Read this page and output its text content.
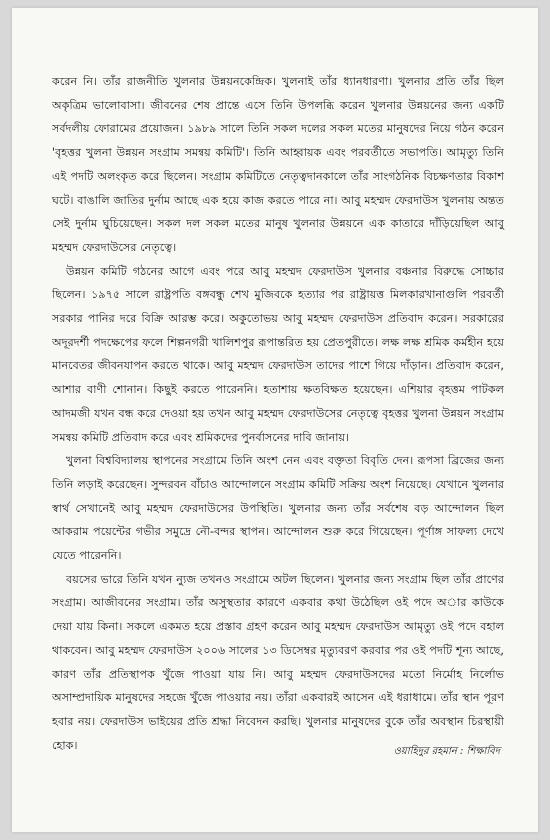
করেন নি। তাঁর রাজনীতি খুলনার উন্নয়নকেন্দ্রিক। খুলনাই তাঁর ধ্যানধারণা। খুলনার প্রতি তাঁর ছিল অকৃত্রিম ভালোবাসা। জীবনের শেষ প্রান্তে এসে তিনি উপলব্ধি করেন খুলনার উন্নয়নের জন্য একটি সর্বদলীয় ফোরামের প্রয়োজন। ১৯৮৯ সালে তিনি সকল দলের সকল মতের মানুষদের নিয়ে গঠন করেন 'বৃহত্তর খুলনা উন্নয়ন সংগ্রাম সমন্বয় কমিটি'। তিনি আহ্বায়ক এবং পরবর্তীতে সভাপতি। আমৃত্যু তিনি এই পদটি অলংকৃত করে ছিলেন। সংগ্রাম কমিটিতে নেতৃত্বদানকালে তাঁর সাংগঠনিক বিচক্ষণতার বিকাশ ঘটে। বাঙালি জাতির দুর্নাম আছে এক হয়ে কাজ করতে পারে না। আবু মহম্মদ ফেরদাউস খুলনায় অন্তত সেই দুর্নাম ঘুচিয়েছেন। সকল দল সকল মতের মানুষ খুলনার উন্নয়নে এক কাতারে দাঁড়িয়েছিল আবু মহম্মদ ফেরদাউসের নেতৃত্বে।

উন্নয়ন কমিটি গঠনের আগে এবং পরে আবু মহম্মদ ফেরদাউস খুলনার বঞ্চনার বিরুদ্ধে সোচ্চার ছিলেন। ১৯৭৫ সালে রাষ্ট্রপতি বঙ্গবন্ধু শেখ মুজিবকে হত্যার পর রাষ্ট্রায়ত্ত মিলকারখানাগুলি পরবর্তী সরকার পানির দরে বিক্রি আরম্ভ করে। অকুতোভয় আবু মহম্মদ ফেরদাউস প্রতিবাদ করেন। সরকারের অদূরদর্শী পদক্ষেপের ফলে শিল্পনগরী খালিশপুর রূপান্তরিত হয় প্রেতপুরীতে। লক্ষ লক্ষ শ্রমিক কর্মহীন হয়ে মানবেতর জীবনযাপন করতে থাকে। আবু মহম্মদ ফেরদাউস তাদের পাশে গিয়ে দাঁড়ান। প্রতিবাদ করেন, আশার বাণী শোনান। কিছুই করতে পারেননি। হতাশায় ক্ষতবিক্ষত হয়েছেন। এশিয়ার বৃহত্তম পাটকল আদমজী যখন বন্ধ করে দেওয়া হয় তখন আবু মহম্মদ ফেরদাউসের নেতৃত্বে বৃহত্তর খুলনা উন্নয়ন সংগ্রাম সমন্বয় কমিটি প্রতিবাদ করে এবং শ্রমিকদের পুনর্বাসনের দাবি জানায়।

খুলনা বিশ্ববিদ্যালয় স্থাপনের সংগ্রামে তিনি অংশ নেন এবং বক্তৃতা বিবৃতি দেন। রূপসা ব্রিজের জন্য তিনি লড়াই করেছেন। সুন্দরবন বাঁচাও আন্দোলনে সংগ্রাম কমিটি সক্রিয় অংশ নিয়েছে। যেখানে খুলনার স্বার্থ সেখানেই আবু মহম্মদ ফেরদাউসের উপস্থিতি। খুলনার জন্য তাঁর সর্বশেষ বড় আন্দোলন ছিল আকরাম পয়েন্টের গভীর সমুদ্রে নৌ-বন্দর স্থাপন। আন্দোলন শুরু করে গিয়েছেন। পূর্ণাঙ্গ সাফল্য দেখে যেতে পারেননি।

বয়সের ভারে তিনি যখন ন্যুজ তখনও সংগ্রামে অটল ছিলেন। খুলনার জন্য সংগ্রাম ছিল তাঁর প্রাণের সংগ্রাম। আজীবনের সংগ্রাম। তাঁর অসুস্থতার কারণে একবার কথা উঠেছিল ওই পদে অার কাউকে দেয়া যায় কিনা। সকলে একমত হয়ে প্রস্তাব গ্রহণ করেন আবু মহম্মদ ফেরদাউস আমৃত্যু ওই পদে বহাল থাকবেন। আবু মহম্মদ ফেরদাউস ২০০৬ সালের ১৩ ডিসেম্বর মৃত্যুবরণ করবার পর ওই পদটি শূন্য আছে, কারণ তাঁর প্রতিস্থাপক খুঁজে পাওয়া যায় নি। আবু মহম্মদ ফেরদাউসদের মতো নির্মোহ নির্লোভ অসাম্প্রদায়িক মানুষদের সহজে খুঁজে পাওয়ার নয়। তাঁরা একবারই আসেন এই ধরাধামে। তাঁর স্থান পূরণ হবার নয়। ফেরদাউস ভাইয়ের প্রতি শ্রদ্ধা নিবেদন করছি। খুলনার মানুষদের বুকে তাঁর অবস্থান চিরস্থায়ী হোক।	ওয়াহিদুর রহমান : শিক্ষাবিদ
